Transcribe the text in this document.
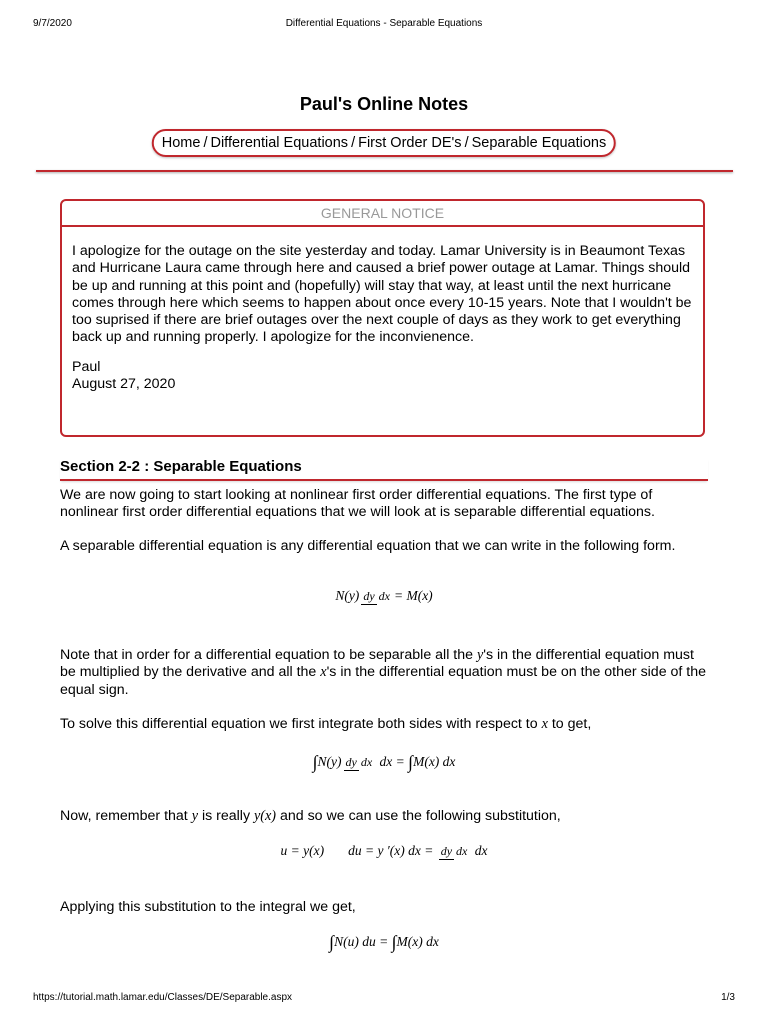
9/7/2020	Differential Equations - Separable Equations
Paul's Online Notes
Home / Differential Equations / First Order DE's / Separable Equations
GENERAL NOTICE

I apologize for the outage on the site yesterday and today. Lamar University is in Beaumont Texas and Hurricane Laura came through here and caused a brief power outage at Lamar. Things should be up and running at this point and (hopefully) will stay that way, at least until the next hurricane comes through here which seems to happen about once every 10-15 years. Note that I wouldn't be too suprised if there are brief outages over the next couple of days as they work to get everything back up and running properly. I apologize for the inconvienence.

Paul
August 27, 2020
Section 2-2 : Separable Equations

We are now going to start looking at nonlinear first order differential equations. The first type of nonlinear first order differential equations that we will look at is separable differential equations.

A separable differential equation is any differential equation that we can write in the following form.

N(y) dy dx = M(x)

Note that in order for a differential equation to be separable all the y's in the differential equation must be multiplied by the derivative and all the x's in the differential equation must be on the other side of the equal sign.

To solve this differential equation we first integrate both sides with respect to x to get,

∫N(y) dy dx dx = ∫M(x) dx

Now, remember that y is really y(x) and so we can use the following substitution,

u = y(x) du = y ′(x) dx = dy dx dx

Applying this substitution to the integral we get,

∫N(u) du = ∫M(x) dx
https://tutorial.math.lamar.edu/Classes/DE/Separable.aspx	1/3
